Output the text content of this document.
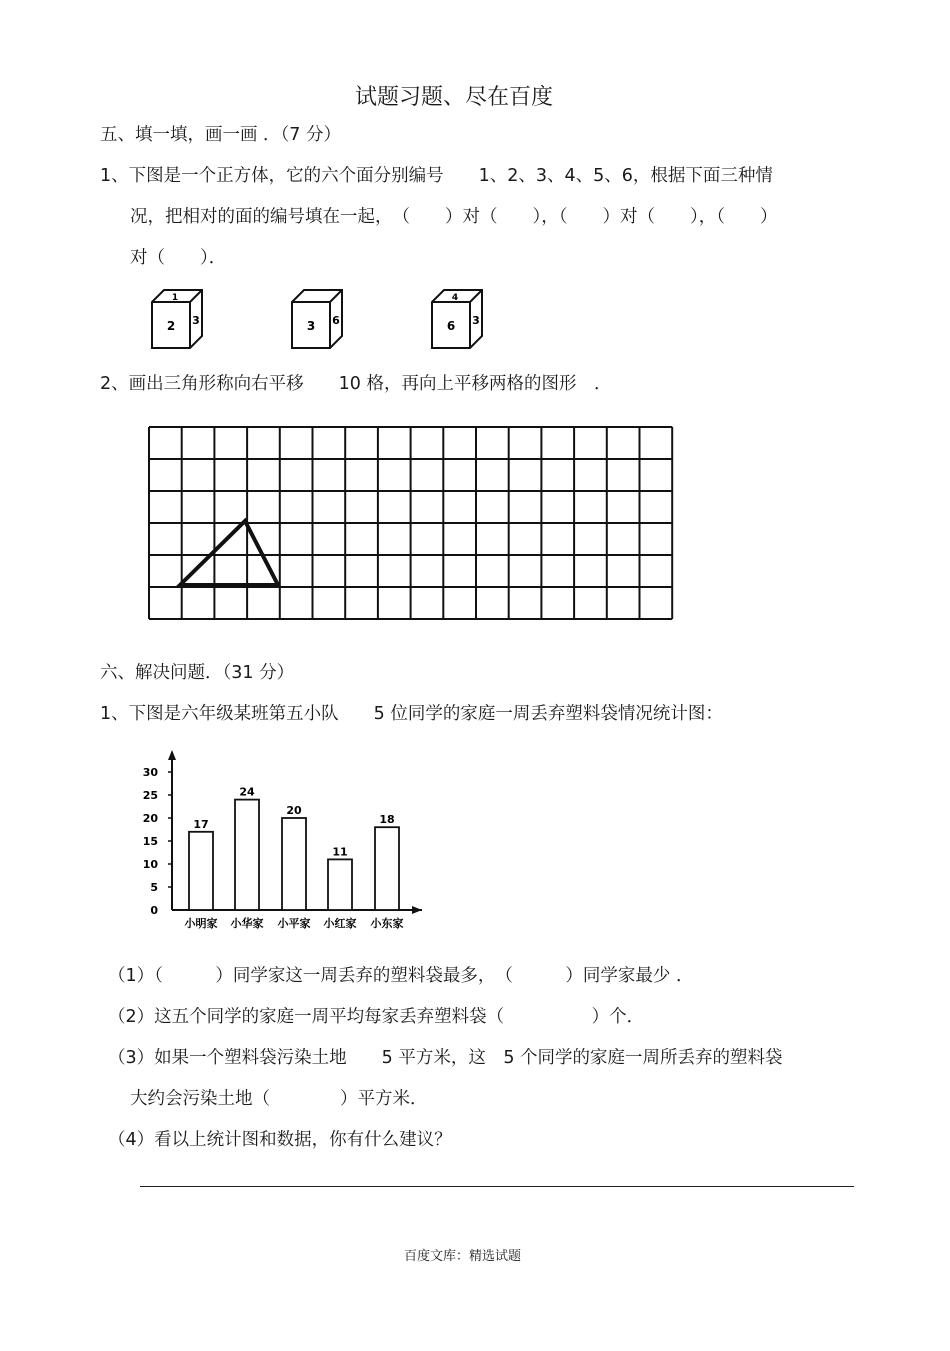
试题习题、尽在百度
五、填一填，画一画 ．（7 分）
1、下图是一个正方体，它的六个面分别编号　　1、2、3、4、5、6，根据下面三种情
况，把相对的面的编号填在一起，　（　　）对（　　），（　　）对（　　），（　　）
对（　　）．
1
2 3	3 6
4
6 3
2、画出三角形称向右平移　　10 格，再向上平移两格的图形　．
六、解决问题．（31 分）
1、下图是六年级某班第五小队　　5 位同学的家庭一周丢弃塑料袋情况统计图：
0
5
10
15
20
25
30
17
24
20
11
18
小明家 小华家 小平家 小红家 小东家
（1）（　　　）同学家这一周丢弃的塑料袋最多，　（　　　）同学家最少 ．
（2）这五个同学的家庭一周平均每家丢弃塑料袋（　　　　　）个．
（3）如果一个塑料袋污染土地　　5 平方米，这　5 个同学的家庭一周所丢弃的塑料袋
大约会污染土地（　　　　）平方米．
（4）看以上统计图和数据，你有什么建议？
百度文库：精选试题
